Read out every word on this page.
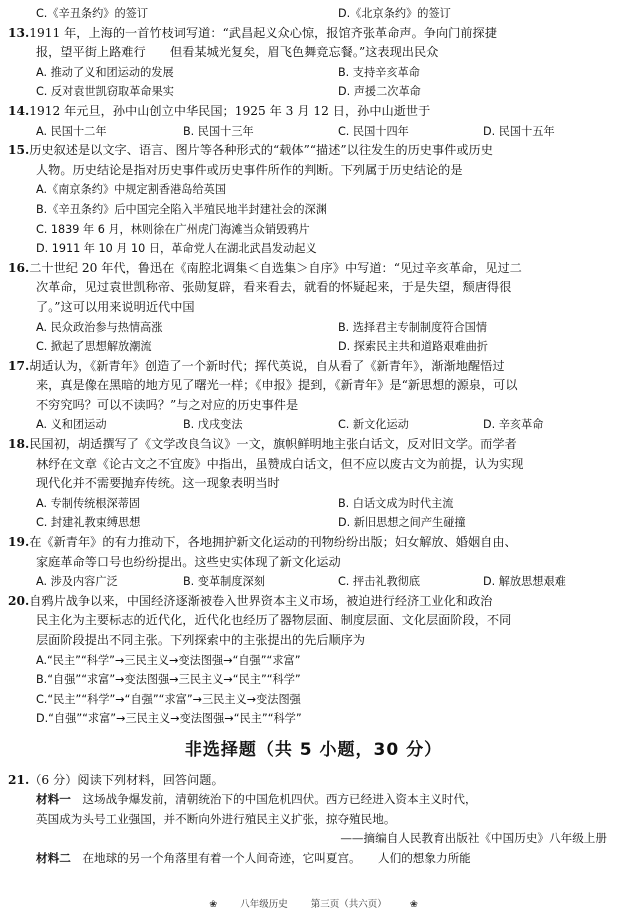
C.《辛丑条约》的签订	D.《北京条约》的签订
13.1911 年，上海的一首竹枝词写道：“武昌起义众心惊，报馆齐张革命声。争向门前探捷
报，望平街上路难行　　但看某城光复矣，眉飞色舞竞忘餐。”这表现出民众
A. 推动了义和团运动的发展	B. 支持辛亥革命
C. 反对袁世凯窃取革命果实	D. 声援二次革命
14.1912 年元旦，孙中山创立中华民国；1925 年 3 月 12 日，孙中山逝世于
A. 民国十二年	B. 民国十三年	C. 民国十四年	D. 民国十五年
15.历史叙述是以文字、语言、图片等各种形式的“载体”“描述”以往发生的历史事件或历史
人物。历史结论是指对历史事件或历史事件所作的判断。下列属于历史结论的是
A.《南京条约》中规定割香港岛给英国
B.《辛丑条约》后中国完全陷入半殖民地半封建社会的深渊
C. 1839 年 6 月，林则徐在广州虎门海滩当众销毁鸦片
D. 1911 年 10 月 10 日，革命党人在湖北武昌发动起义
16.二十世纪 20 年代，鲁迅在《南腔北调集＜自选集＞自序》中写道：“见过辛亥革命，见过二
次革命，见过袁世凯称帝、张勋复辟，看来看去，就看的怀疑起来，于是失望，颓唐得很
了。”这可以用来说明近代中国
A. 民众政治参与热情高涨	B. 选择君主专制制度符合国情
C. 掀起了思想解放潮流	D. 探索民主共和道路艰难曲折
17.胡适认为，《新青年》创造了一个新时代；挥代英说，自从看了《新青年》，渐渐地醒悟过
来，真是像在黑暗的地方见了曙光一样；《申报》提到，《新青年》是“新思想的源泉，可以
不穷究吗？可以不读吗？”与之对应的历史事件是
A. 义和团运动	B. 戊戌变法	C. 新文化运动	D. 辛亥革命
18.民国初，胡适撰写了《文学改良刍议》一文，旗帜鲜明地主张白话文，反对旧文学。而学者
林纾在文章《论古文之不宜废》中指出，虽赞成白话文，但不应以废古文为前提，认为实现
现代化并不需要抛弃传统。这一现象表明当时
A. 专制传统根深蒂固	B. 白话文成为时代主流
C. 封建礼教束缚思想	D. 新旧思想之间产生碰撞
19.在《新青年》的有力推动下，各地拥护新文化运动的刊物纷纷出版；妇女解放、婚姻自由、
家庭革命等口号也纷纷提出。这些史实体现了新文化运动
A. 涉及内容广泛	B. 变革制度深刻	C. 抨击礼教彻底	D. 解放思想艰难
20.自鸦片战争以来，中国经济逐渐被卷入世界资本主义市场，被迫进行经济工业化和政治
民主化为主要标志的近代化，近代化也经历了器物层面、制度层面、文化层面阶段，不同
层面阶段提出不同主张。下列探索中的主张提出的先后顺序为
A.“民主”“科学”→三民主义→变法图强→“自强”“求富”
B.“自强”“求富”→变法图强→三民主义→“民主”“科学”
C.“民主”“科学”→“自强”“求富”→三民主义→变法图强
D.“自强”“求富”→三民主义→变法图强→“民主”“科学”
非选择题（共 5 小题，30 分）
21.（6 分）阅读下列材料，回答问题。
材料一　这场战争爆发前，清朝统治下的中国危机四伏。西方已经进入资本主义时代，
英国成为头号工业强国，并不断向外进行殖民主义扩张，掠夺殖民地。
——摘编自人民教育出版社《中国历史》八年级上册
材料二　在地球的另一个角落里有着一个人间奇迹，它叫夏宫。　　人们的想象力所能
❀ 八年级历史 第三页（共六页） ❀
